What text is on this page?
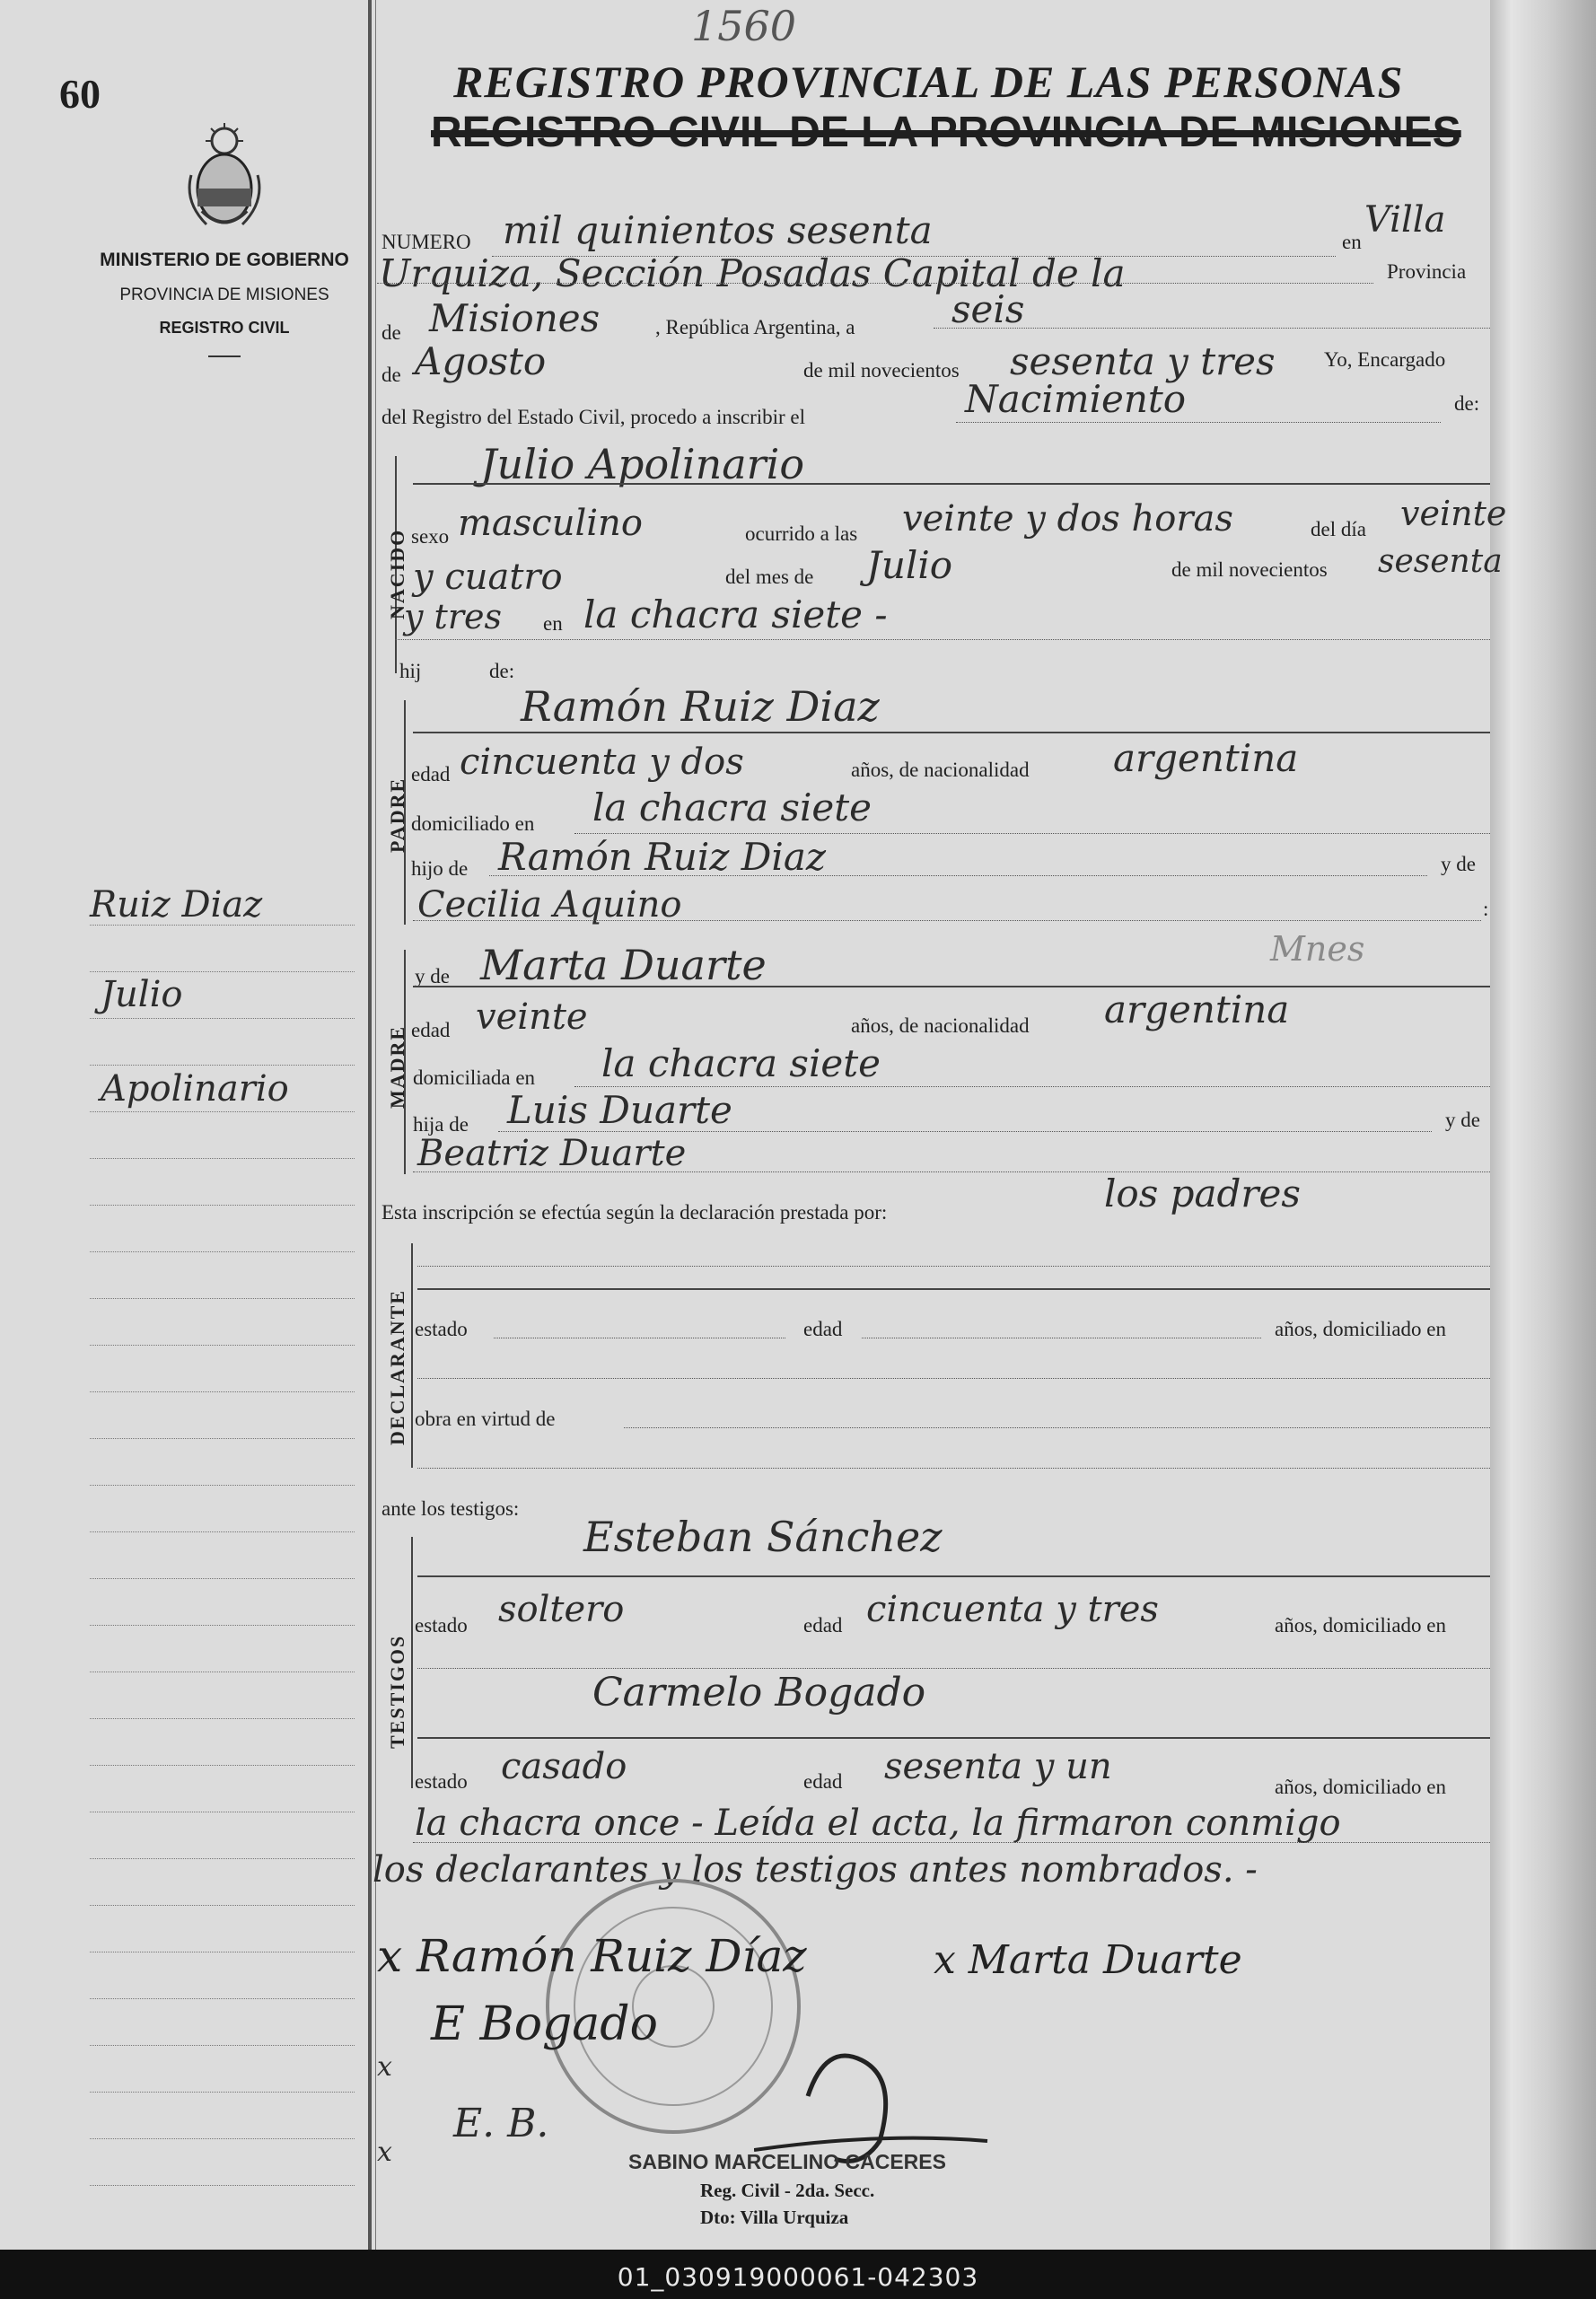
60
MINISTERIO DE GOBIERNO
PROVINCIA DE MISIONES
REGISTRO CIVIL
Ruiz Diaz
Julio
Apolinario
1560
REGISTRO PROVINCIAL DE LAS PERSONAS
REGISTRO CIVIL DE LA PROVINCIA DE MISIONES
NUMERO mil quinientos sesenta	en
Villa
Urquiza, Sección Posadas Capital de la	Provincia
de Misiones	, República Argentina, a	seis
de Agosto	de mil novecientos sesenta y tres Yo, Encargado
del Registro del Estado Civil, procedo a inscribir el	Nacimiento	de:
NACIDO
Julio Apolinario
sexo masculino	ocurrido a las veinte y dos horas	del día veinte
y cuatro	del mes de Julio	de mil novecientos sesenta
y tres en la chacra siete -
hij	de:
PADRE
Ramón Ruiz Diaz
edad cincuenta y dos	años, de nacionalidad argentina
domiciliado en la chacra siete
hijo de Ramón Ruiz Diaz	y de
Cecilia Aquino	:
MADRE
y de Marta Duarte	Mnes
edad veinte	años, de nacionalidad argentina
domiciliada en la chacra siete
hija de Luis Duarte	y de
Beatriz Duarte
Esta inscripción se efectúa según la declaración prestada por:	los padres
DECLARANTE estado	edad	años, domiciliado en
obra en virtud de
ante los testigos:
TESTIGOS
Esteban Sánchez
estado soltero	edad cincuenta y tres	años, domiciliado en
Carmelo Bogado
estado casado	edad sesenta y un	años, domiciliado en
la chacra once - Leída el acta, la firmaron conmigo
los declarantes y los testigos antes nombrados. -
x Ramón Ruiz Díaz	x Marta Duarte
E Bogado
x
E. B.
x	SABINO MARCELINO CACERES
Reg. Civil - 2da. Secc.
Dto: Villa Urquiza
01_030919000061-042303
